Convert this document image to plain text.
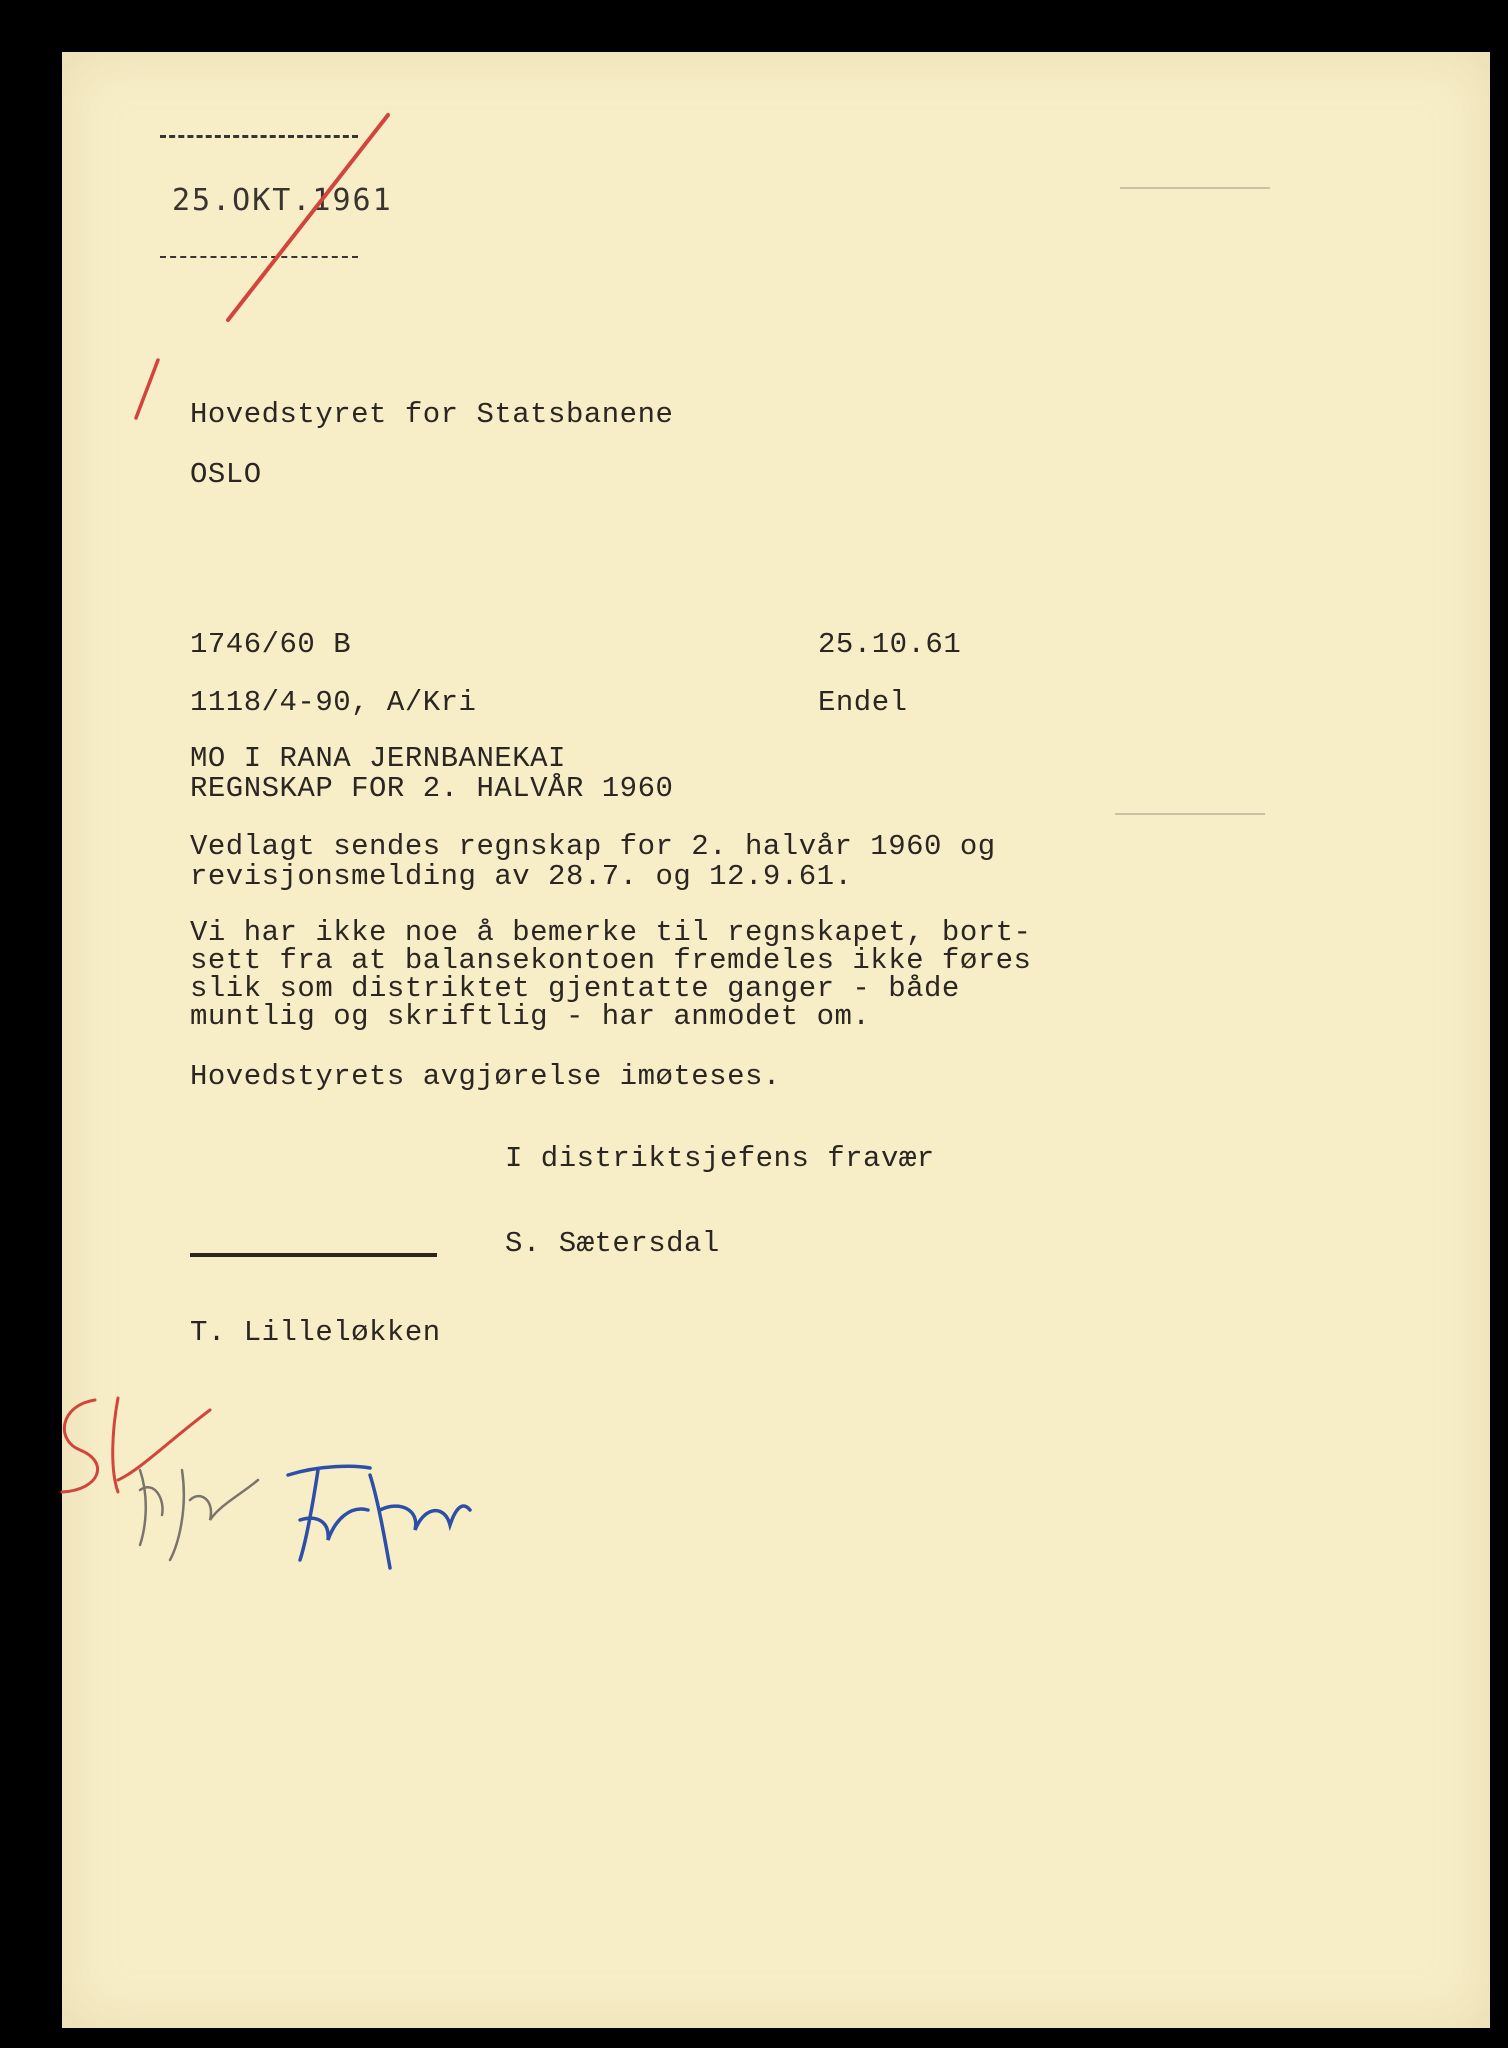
25.OKT.1961
Hovedstyret for Statsbanene
OSLO
1746/60 B	25.10.61
1118/4-90, A/Kri	Endel
MO I RANA JERNBANEKAI
REGNSKAP FOR 2. HALVÅR 1960
Vedlagt sendes regnskap for 2. halvår 1960 og
revisjonsmelding av 28.7. og 12.9.61.
Vi har ikke noe å bemerke til regnskapet, bort-
sett fra at balansekontoen fremdeles ikke føres
slik som distriktet gjentatte ganger - både
muntlig og skriftlig - har anmodet om.
Hovedstyrets avgjørelse imøteses.
I distriktsjefens fravær
S. Sætersdal
T. Lilleløkken
